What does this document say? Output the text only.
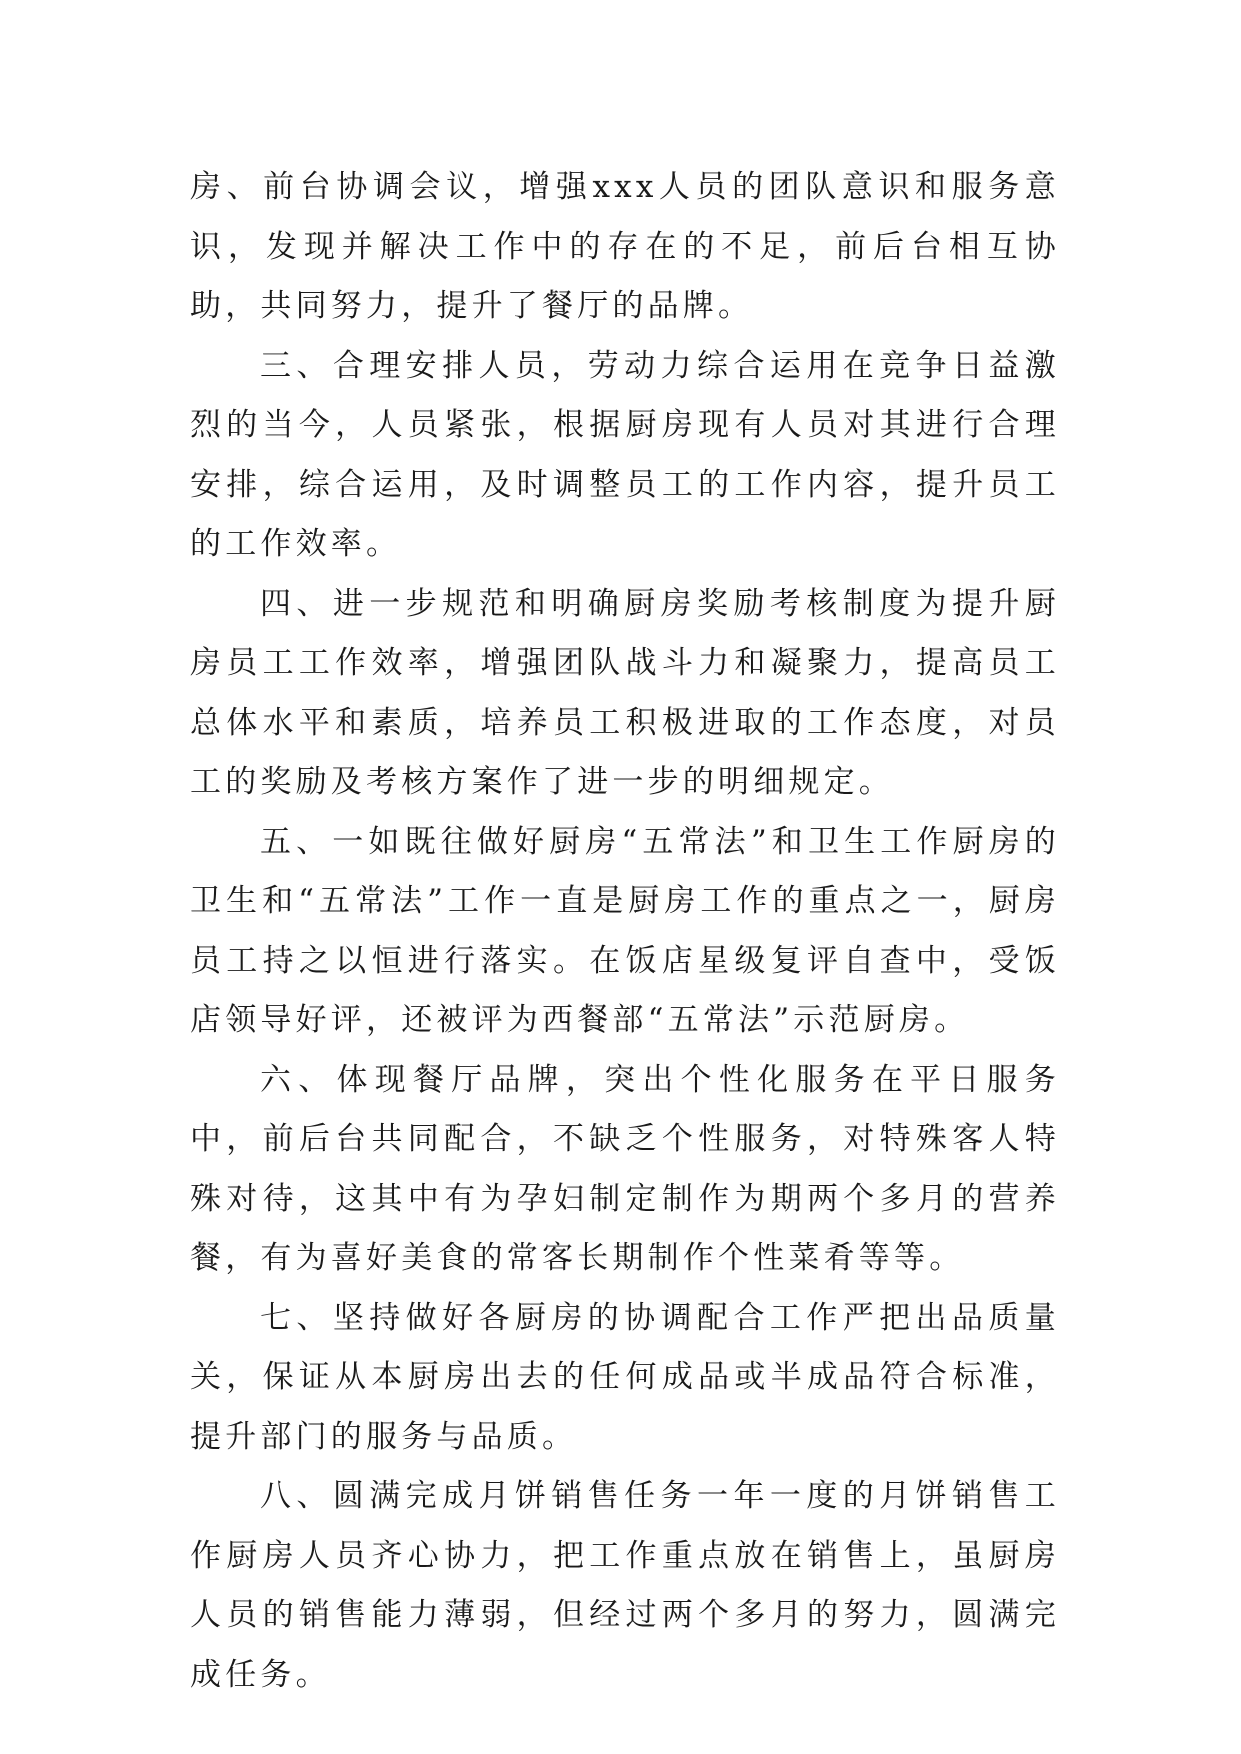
房、前台协调会议，增强xxx人员的团队意识和服务意识，发现并解决工作中的存在的不足，前后台相互协助，共同努力，提升了餐厅的品牌。

三、合理安排人员，劳动力综合运用在竞争日益激烈的当今，人员紧张，根据厨房现有人员对其进行合理安排，综合运用，及时调整员工的工作内容，提升员工的工作效率。

四、进一步规范和明确厨房奖励考核制度为提升厨房员工工作效率，增强团队战斗力和凝聚力，提高员工总体水平和素质，培养员工积极进取的工作态度，对员工的奖励及考核方案作了进一步的明细规定。

五、一如既往做好厨房“五常法”和卫生工作厨房的卫生和“五常法”工作一直是厨房工作的重点之一，厨房员工持之以恒进行落实。在饭店星级复评自查中，受饭店领导好评，还被评为西餐部“五常法”示范厨房。

六、体现餐厅品牌，突出个性化服务在平日服务中，前后台共同配合，不缺乏个性服务，对特殊客人特殊对待，这其中有为孕妇制定制作为期两个多月的营养餐，有为喜好美食的常客长期制作个性菜肴等等。

七、坚持做好各厨房的协调配合工作严把出品质量关，保证从本厨房出去的任何成品或半成品符合标准，提升部门的服务与品质。

八、圆满完成月饼销售任务一年一度的月饼销售工作厨房人员齐心协力，把工作重点放在销售上，虽厨房人员的销售能力薄弱，但经过两个多月的努力，圆满完成任务。
